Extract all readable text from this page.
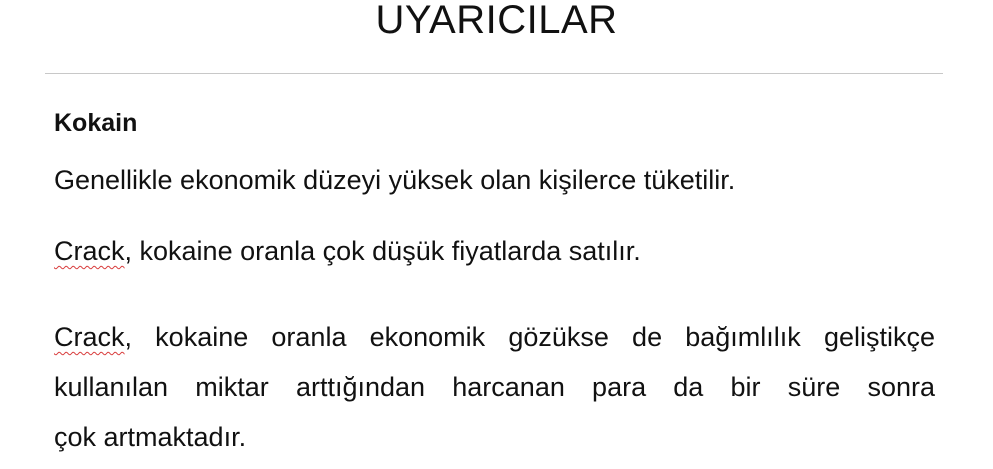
UYARICILAR
Kokain
Genellikle ekonomik düzeyi yüksek olan kişilerce tüketilir.
Crack, kokaine oranla çok düşük fiyatlarda satılır.
Crack, kokaine oranla ekonomik gözükse de bağımlılık geliştikçe
kullanılan miktar arttığından harcanan para da bir süre sonra
çok artmaktadır.
